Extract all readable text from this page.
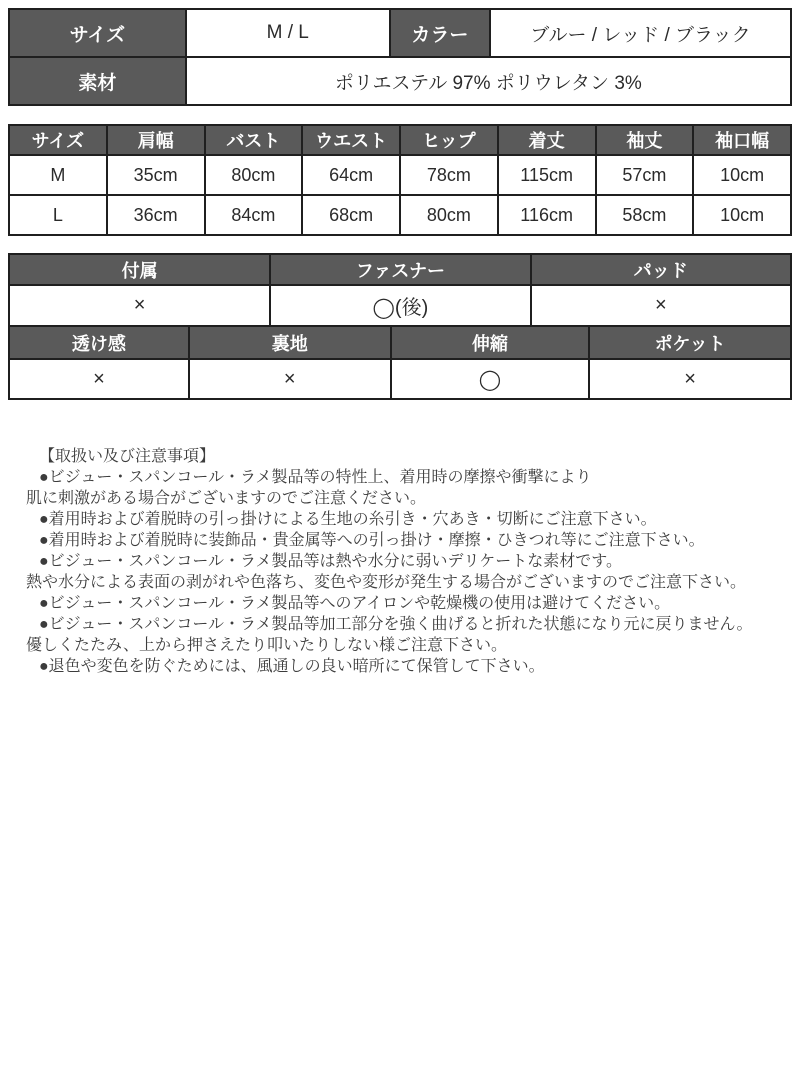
サイズ	M / L	カラー	ブルー / レッド / ブラック
素材	ポリエステル 97% ポリウレタン 3%		
サイズ	肩幅	バスト	ウエスト	ヒップ	着丈	袖丈	袖口幅
M	35cm	80cm	64cm	78cm	115cm	57cm	10cm
L	36cm	84cm	68cm	80cm	116cm	58cm	10cm
付属	ファスナー	パッド
×	◯(後)	×
透け感	裏地	伸縮	ポケット
×	×	◯	×
【取扱い及び注意事項】
●ビジュー・スパンコール・ラメ製品等の特性上、着用時の摩擦や衝撃により
肌に刺激がある場合がございますのでご注意ください。
●着用時および着脱時の引っ掛けによる生地の糸引き・穴あき・切断にご注意下さい。
●着用時および着脱時に装飾品・貴金属等への引っ掛け・摩擦・ひきつれ等にご注意下さい。
●ビジュー・スパンコール・ラメ製品等は熱や水分に弱いデリケートな素材です。
熱や水分による表面の剥がれや色落ち、変色や変形が発生する場合がございますのでご注意下さい。
●ビジュー・スパンコール・ラメ製品等へのアイロンや乾燥機の使用は避けてください。
●ビジュー・スパンコール・ラメ製品等加工部分を強く曲げると折れた状態になり元に戻りません。
優しくたたみ、上から押さえたり叩いたりしない様ご注意下さい。
●退色や変色を防ぐためには、風通しの良い暗所にて保管して下さい。
